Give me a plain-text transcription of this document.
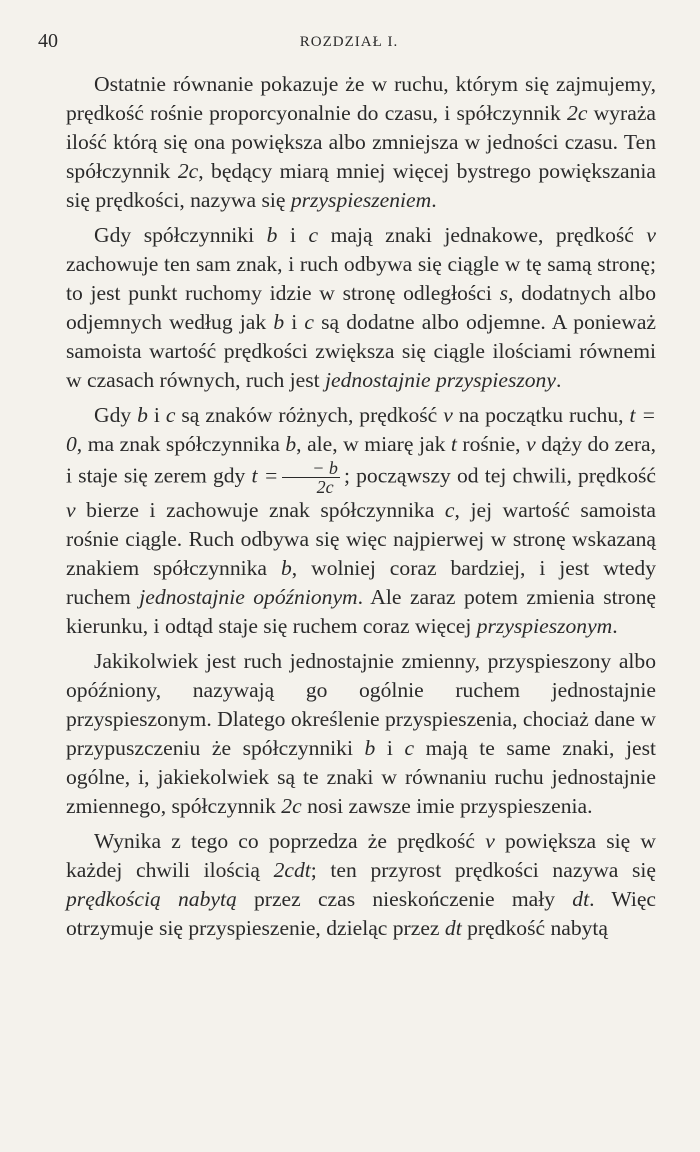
40	ROZDZIAŁ I.

Ostatnie równanie pokazuje że w ruchu, którym się zajmujemy, prędkość rośnie proporcyonalnie do czasu, i spółczynnik 2c wyraża ilość którą się ona powiększa albo zmniejsza w jedności czasu. Ten spółczynnik 2c, będący miarą mniej więcej bystrego powiększania się prędkości, nazywa się przyspieszeniem.

Gdy spółczynniki b i c mają znaki jednakowe, prędkość v zachowuje ten sam znak, i ruch odbywa się ciągle w tę samą stronę; to jest punkt ruchomy idzie w stronę odległości s, dodatnych albo odjemnych według jak b i c są dodatne albo odjemne. A ponieważ samoista wartość prędkości zwiększa się ciągle ilościami równemi w czasach równych, ruch jest jednostajnie przyspieszony.

Gdy b i c są znaków różnych, prędkość v na początku ruchu, t = 0, ma znak spółczynnika b, ale, w miarę jak t rośnie, v dąży do zera, i staje się zerem gdy $t = \frac{- b}{2c}$ ; począwszy od tej chwili, prędkość v bierze i zachowuje znak spółczynnika c, jej wartość samoista rośnie ciągle. Ruch odbywa się więc najpierwej w stronę wskazaną znakiem spółczynnika b, wolniej coraz bardziej, i jest wtedy ruchem jednostajnie opóźnionym. Ale zaraz potem zmienia stronę kierunku, i odtąd staje się ruchem coraz więcej przyspieszonym.

Jakikolwiek jest ruch jednostajnie zmienny, przyspieszony albo opóźniony, nazywają go ogólnie ruchem jednostajnie przyspieszonym. Dlatego określenie przyspieszenia, chociaż dane w przypuszczeniu że spółczynniki b i c mają te same znaki, jest ogólne, i, jakiekolwiek są te znaki w równaniu ruchu jednostajnie zmiennego, spółczynnik 2c nosi zawsze imie przyspieszenia.

Wynika z tego co poprzedza że prędkość v powiększa się w każdej chwili ilością 2cdt; ten przyrost prędkości nazywa się prędkością nabytą przez czas nieskończenie mały dt. Więc otrzymuje się przyspieszenie, dzieląc przez dt prędkość nabytą
